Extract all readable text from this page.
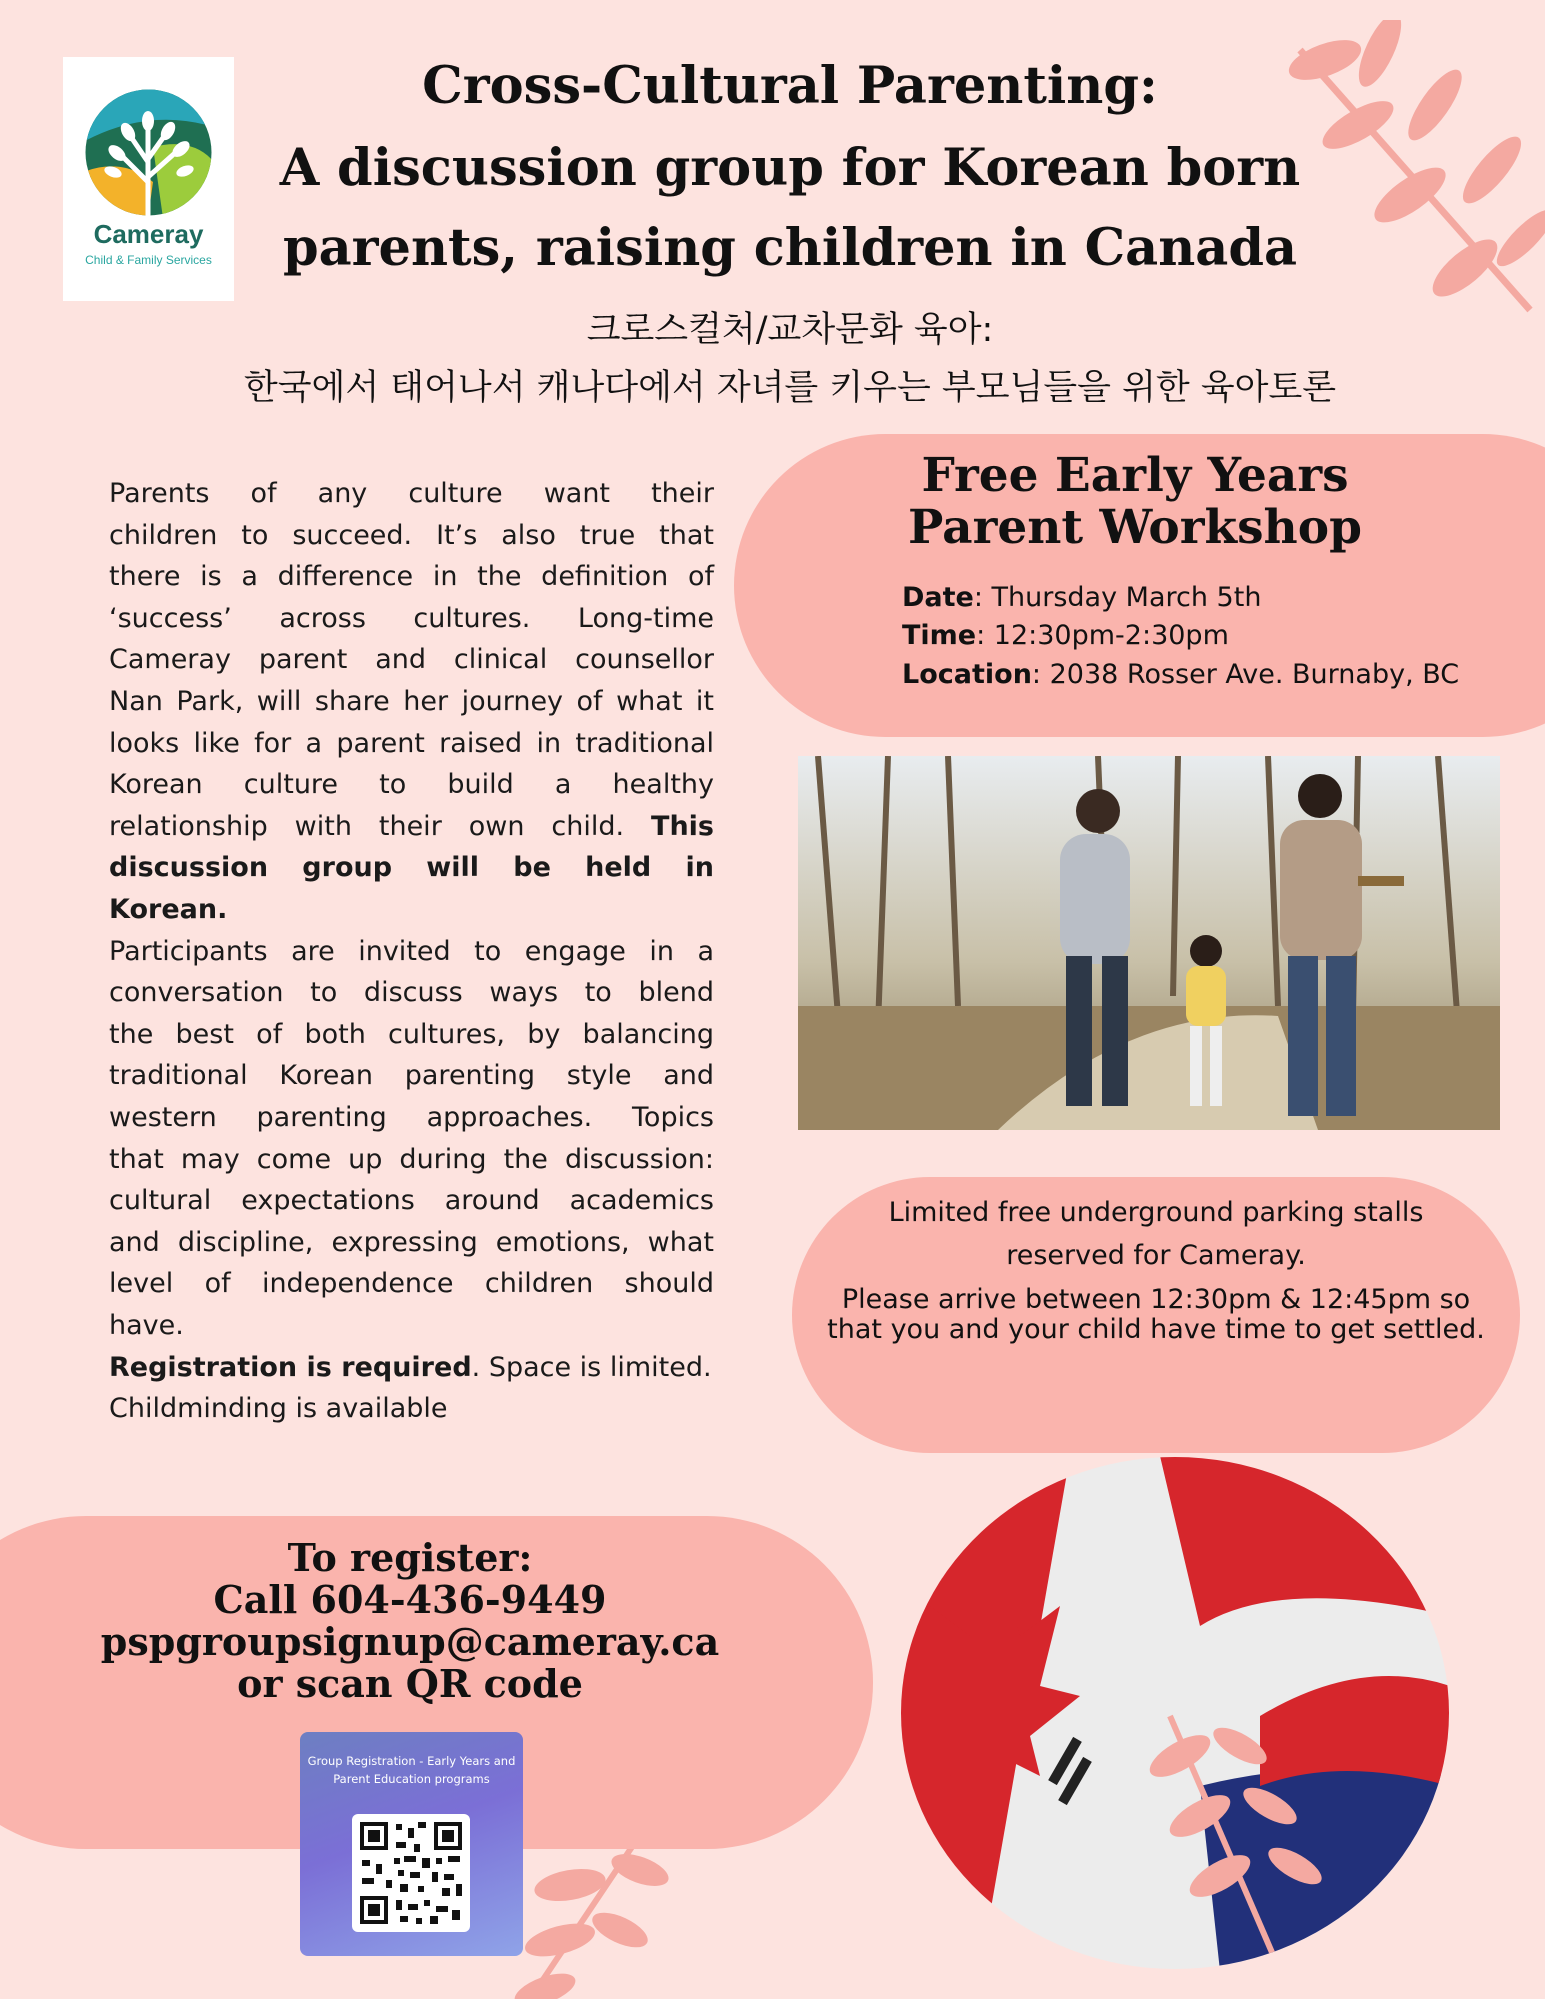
Cameray
Child & Family Services
Cross-Cultural Parenting:
A discussion group for Korean born
parents, raising children in Canada
크로스컬처/교차문화 육아:
한국에서 태어나서 캐나다에서 자녀를 키우는 부모님들을 위한 육아토론
Parents of any culture want their
children to succeed. It’s also true that
there is a difference in the definition of
‘success’ across cultures. Long-time
Cameray parent and clinical counsellor
Nan Park, will share her journey of what it
looks like for a parent raised in traditional
Korean culture to build a healthy
relationship with their own child. This
discussion group will be held in Korean.
Participants are invited to engage in a
conversation to discuss ways to blend
the best of both cultures, by balancing
traditional Korean parenting style and
western parenting approaches. Topics
that may come up during the discussion:
cultural expectations around academics
and discipline, expressing emotions, what
level of independence children should
have.
Registration is required. Space is limited.
Childminding is available
Free Early Years
Parent Workshop
Date: Thursday March 5th
Time: 12:30pm-2:30pm
Location: 2038 Rosser Ave. Burnaby, BC
Limited free underground parking stalls
reserved for Cameray.
Please arrive between 12:30pm & 12:45pm so
that you and your child have time to get settled.
To register:
Call 604-436-9449
pspgroupsignup@cameray.ca
or scan QR code
Group Registration - Early Years and Parent Education programs
